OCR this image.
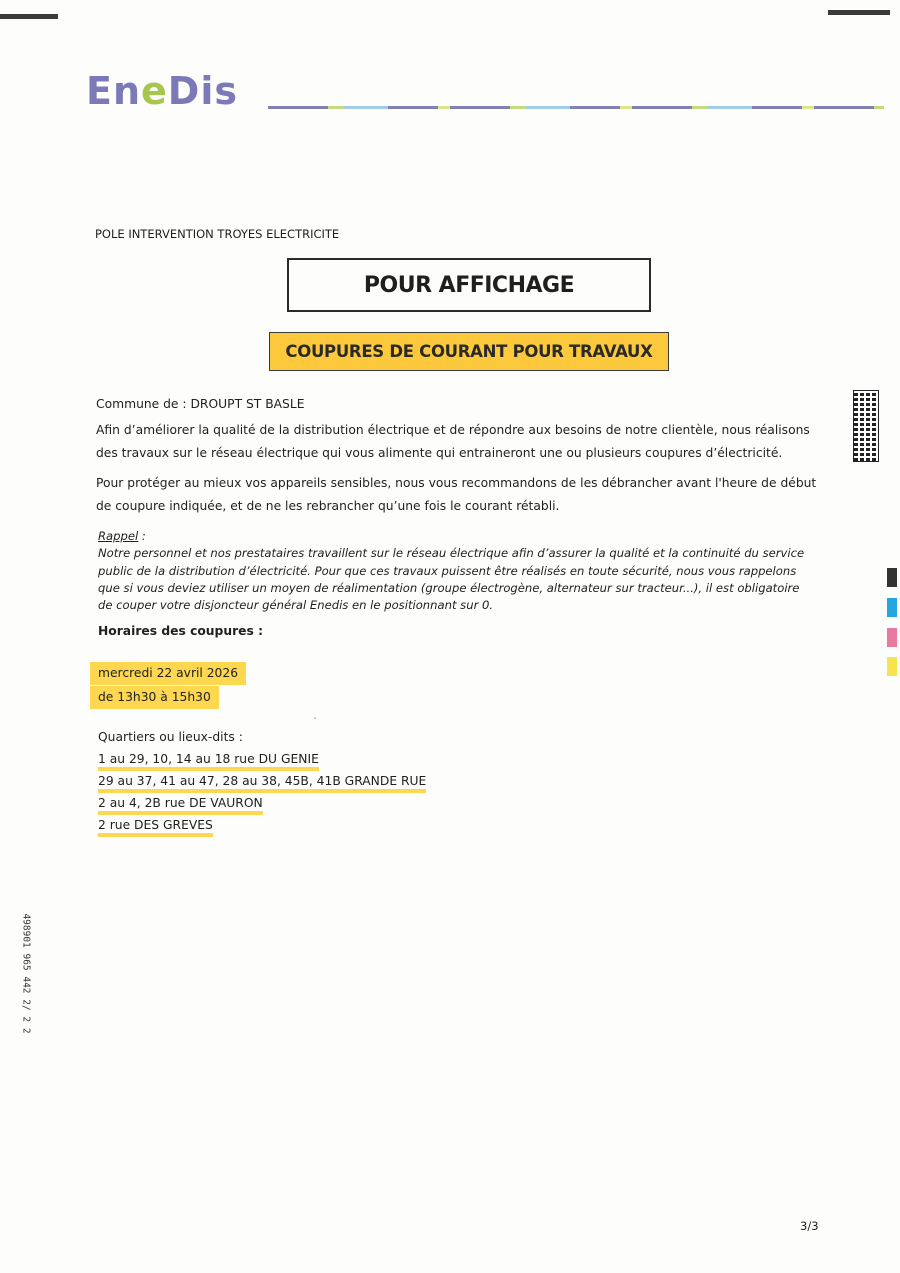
EneDis
POLE INTERVENTION TROYES ELECTRICITE
POUR AFFICHAGE
COUPURES DE COURANT POUR TRAVAUX
Commune de : DROUPT ST BASLE
Afin d’améliorer la qualité de la distribution électrique et de répondre aux besoins de notre clientèle, nous réalisons des travaux sur le réseau électrique qui vous alimente qui entraineront une ou plusieurs coupures d’électricité.
Pour protéger au mieux vos appareils sensibles, nous vous recommandons de les débrancher avant l'heure de début de coupure indiquée, et de ne les rebrancher qu’une fois le courant rétabli.
Rappel :
Notre personnel et nos prestataires travaillent sur le réseau électrique afin d’assurer la qualité et la continuité du service public de la distribution d’électricité. Pour que ces travaux puissent être réalisés en toute sécurité, nous vous rappelons que si vous deviez utiliser un moyen de réalimentation (groupe électrogène, alternateur sur tracteur...), il est obligatoire de couper votre disjoncteur général Enedis en le positionnant sur 0.
Horaires des coupures :
mercredi 22 avril 2026
de 13h30 à 15h30
Quartiers ou lieux-dits :
1 au 29, 10, 14 au 18 rue DU GENIE
29 au 37, 41 au 47, 28 au 38, 45B, 41B GRANDE RUE
2 au 4, 2B rue DE VAURON
2 rue DES GREVES
498901 965 442 2/ 2 2
3/3
